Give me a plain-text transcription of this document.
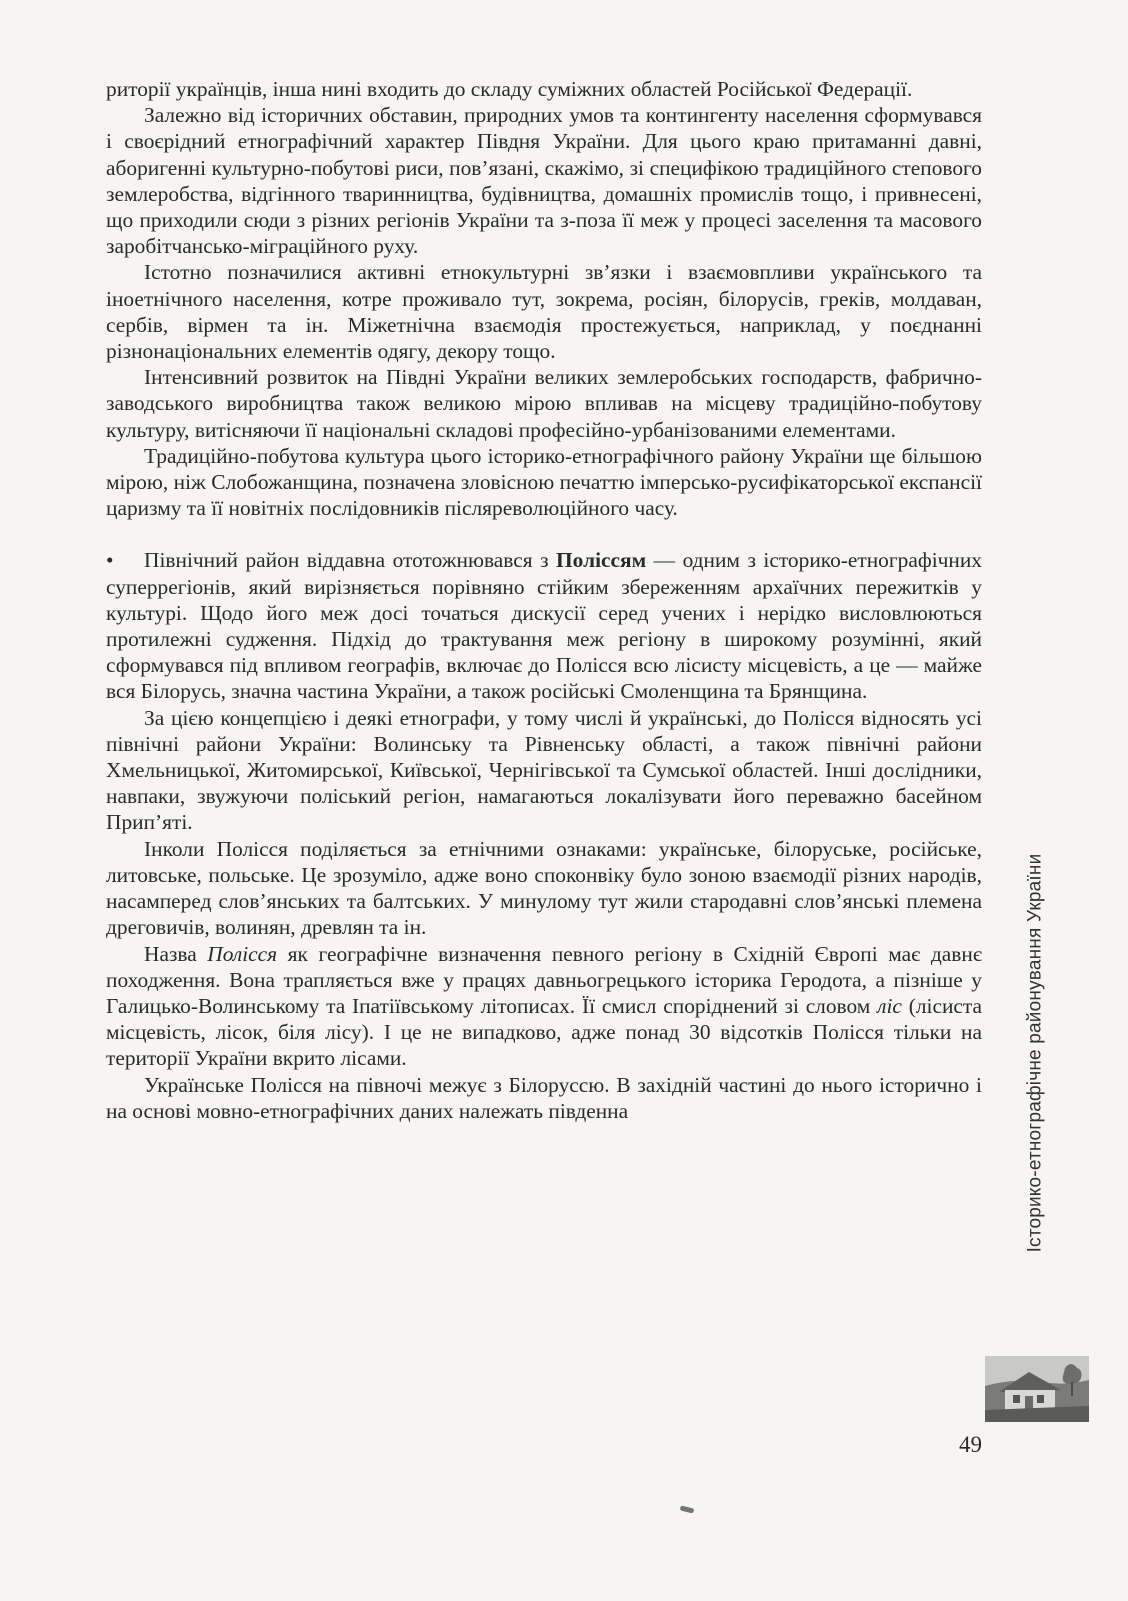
риторії українців, інша нині входить до складу суміжних областей Російської Федерації.

Залежно від історичних обставин, природних умов та контингенту населення сформувався і своєрідний етнографічний характер Півдня України. Для цього краю притаманні давні, аборигенні культурно-побутові риси, пов’язані, скажімо, зі специфікою традиційного степового землеробства, відгінного тваринництва, будівництва, домашніх промислів тощо, і привнесені, що приходили сюди з різних регіонів України та з-поза її меж у процесі заселення та масового заробітчансько-міграційного руху.

Істотно позначилися активні етнокультурні зв’язки і взаємовпливи українського та іноетнічного населення, котре проживало тут, зокрема, росіян, білорусів, греків, молдаван, сербів, вірмен та ін. Міжетнічна взаємодія простежується, наприклад, у поєднанні різнонаціональних елементів одягу, декору тощо.

Інтенсивний розвиток на Півдні України великих землеробських господарств, фабрично-заводського виробництва також великою мірою впливав на місцеву традиційно-побутову культуру, витісняючи її національні складові професійно-урбанізованими елементами.

Традиційно-побутова культура цього історико-етнографічного району України ще більшою мірою, ніж Слобожанщина, позначена зловісною печаттю імперсько-русифікаторської експансії царизму та її новітніх послідовників післяреволюційного часу.

• Північний район віддавна ототожнювався з Поліссям — одним з історико-етнографічних суперрегіонів, який вирізняється порівняно стійким збереженням архаїчних пережитків у культурі. Щодо його меж досі точаться дискусії серед учених і нерідко висловлюються протилежні судження. Підхід до трактування меж регіону в широкому розумінні, який сформувався під впливом географів, включає до Полісся всю лісисту місцевість, а це — майже вся Білорусь, значна частина України, а також російські Смоленщина та Брянщина.

За цією концепцією і деякі етнографи, у тому числі й українські, до Полісся відносять усі північні райони України: Волинську та Рівненську області, а також північні райони Хмельницької, Житомирської, Київської, Чернігівської та Сумської областей. Інші дослідники, навпаки, звужуючи поліський регіон, намагаються локалізувати його переважно басейном Прип’яті.

Інколи Полісся поділяється за етнічними ознаками: українське, білоруське, російське, литовське, польське. Це зрозуміло, адже воно споконвіку було зоною взаємодії різних народів, насамперед слов’янських та балтських. У минулому тут жили стародавні слов’янські племена дреговичів, волинян, древлян та ін.

Назва Полісся як географічне визначення певного регіону в Східній Європі має давнє походження. Вона трапляється вже у працях давньогрецького історика Геродота, а пізніше у Галицько-Волинському та Іпатіївському літописах. Її смисл споріднений зі словом ліс (лісиста місцевість, лісок, біля лісу). І це не випадково, адже понад 30 відсотків Полісся тільки на території України вкрито лісами.

Українське Полісся на півночі межує з Білоруссю. В західній частині до нього історично і на основі мовно-етнографічних даних належать південна	Історико-етнографічне районування України
49
